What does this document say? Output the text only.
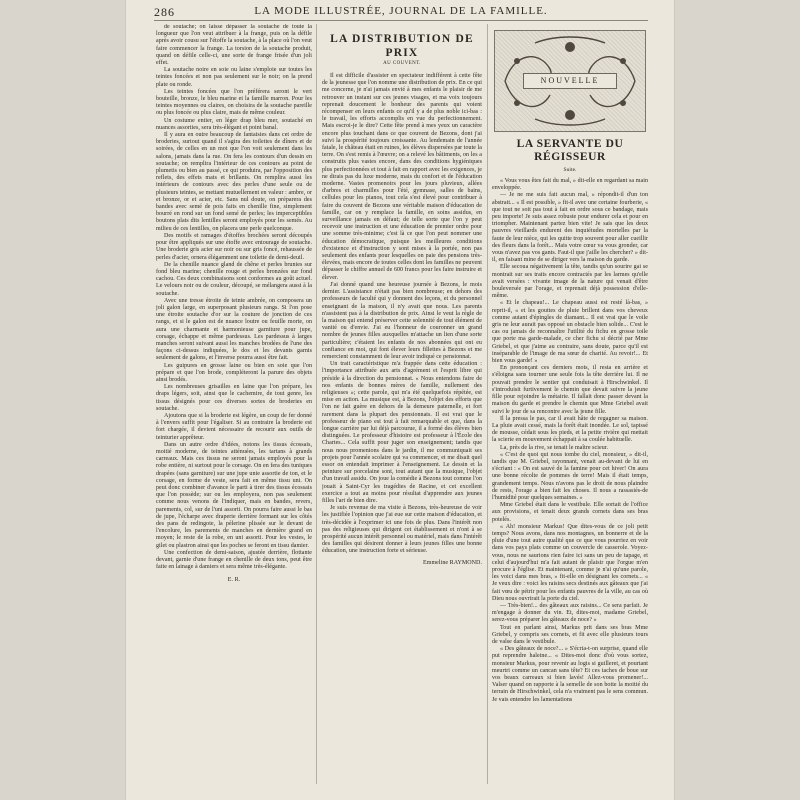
286	LA MODE ILLUSTRÉE, JOURNAL DE LA FAMILLE.

de soutache; on laisse dépasser la soutache de toute la longueur que l'on veut attribuer à la frange, puis on la défile après avoir cousu sur l'étoffe la soutache, à la place où l'on veut faire commencer la frange. La torsion de la soutache produit, quand on défile celle-ci, une sorte de frange frisée d'un joli effet.

La soutache noire en soie ou laine s'emploie sur toutes les teintes foncées et non pas seulement sur le noir; on la prend plate ou ronde.

Les teintes foncées que l'on préférera seront le vert bouteille, bronze, le bleu marine et la famille marron. Pour les teintes moyennes ou claires, on choisira de la soutache pareille ou plus foncée ou plus claire, mais de même couleur.

Un costume entier, en léger drap bleu mer, soutaché en nuances assorties, sera très-élégant et point banal.

Il y aura en outre beaucoup de fantaisies dans cet ordre de broderies, surtout quand il s'agira des toilettes de dîners et de soirées, de celles en un mot que l'on voit seulement dans les salons, jamais dans la rue. On fera les contours d'un dessin en soutache; on remplira l'intérieur de ces contours au point de plumetis ou bien au passé, ce qui produira, par l'opposition des reflets, des effets mats et brillants. On remplira aussi les intérieurs de contours avec des perles d'une seule ou de plusieurs teintes, se mettant mutuellement en valeur : ambre, or et bronze, or et acier, etc. Sans nul doute, on préparera des bandes avec semé de pois faits en chenille fine, simplement bourré en rond sur un fond semé de perles; les imperceptibles boutons plats dits lentilles seront employés pour les semés. Au milieu de ces lentilles, on placera une perle quelconque.

Des motifs et ramages d'étoffes brochées seront découpés pour être appliqués sur une étoffe avec entourage de soutache. Une broderie gris acier sur noir ou sur gris foncé, rehaussée de perles d'acier, ornera élégamment une toilette de demi-deuil.

De la chenille nuance gland de chêne et perles brunies sur fond bleu marine; chenille rouge et perles bronzées sur fond cachou. Ces deux combinaisons sont conformes au goût actuel. Le velours noir ou de couleur, découpé, se mélangera aussi à la soutache.

Avec une tresse étroite de teinte ambrée, on composera un joli galon large, en superposant plusieurs rangs. Si l'on pose une étroite soutache d'or sur la couture de jonction de ces rangs, et si le galon est de nuance loutre ou feuille morte, on aura une charmante et harmonieuse garniture pour jupe, corsage, échappe et même pardessus. Les pardessus à larges manches seront suivant aussi les manches brodées de l'une des façons ci-dessus indiquées, le dos et les devants garnis seulement de galons, et l'inverse pourra aussi être fait.

Les guipures en grosse laine ou bien en soie que l'on prépare et que l'on brode, compléteront la parure des objets ainsi brodés.

Les nombreuses grisailles en laine que l'on prépare, les draps légers, soit, ainsi que le cachemire, de tout genre, les tissus désignés pour ces diverses sortes de broderies en soutache.

Ajoutons que si la broderie est légère, un coup de fer donné à l'envers suffit pour l'égaliser. Si au contraire la broderie est fort chargée, il devient nécessaire de recourir aux outils de teinturier apprêteur.

Dans un autre ordre d'idées, notons les tissus écossais, moitié moderne, de teintes atténuées, les tartans à grands carreaux. Mais ces tissus ne seront jamais employés pour la robe entière, ni surtout pour le corsage. On en fera des tuniques drapées (sans garniture) sur une jupe unie assortie de ton, et le corsage, en forme de veste, sera fait en même tissu uni. On peut donc combiner d'avance le parti à tirer des tissus écossais que l'on possède; sur ou les employera, non pas seulement comme nous venons de l'indiquer, mais en bandes, revers, parements, col, sur de l'uni assorti. On pourra faire aussi le bas de jupe, l'écharpe avec draperie derrière formant sur les côtés des pans de redingote, la pèlerine plissée sur le devant de l'encolure, les parements de manches en dernière grand en moyen; le reste de la robe, en uni assorti. Pour les vestes, le gilet ou plastron ainsi que les poches se feront en tissu damier.

Une confection de demi-saison, ajustée derrière, flottante devant, garnie d'une frange en chenille de deux tons, peut être faite en lainage à damiers et sera même très-élégante.

E. R.
LA DISTRIBUTION DE PRIX
AU COUVENT.

Il est difficile d'assister en spectateur indifférent à cette fête de la jeunesse que l'on nomme une distribution de prix. En ce qui me concerne, je n'ai jamais envié à mes enfants le plaisir de me retrouver un instant sur ces jeunes visages, et ma voix toujours reprenait doucement le bonheur des parents qui voient récompenser en leurs enfants ce qu'il y a de plus noble ici-bas : le travail, les efforts accomplis en vue du perfectionnement. Mais escroi-je le dire? Cette fête prend à mes yeux un caractère encore plus touchant dans ce que couvent de Bezons, dont j'ai suivi la prospérité toujours croissante. Au lendemain de l'année fatale, le château était en ruines, les élèves dispersées par toute la terre. On s'est remis à l'œuvre; on a relevé les bâtiments, on les a construits plus vastes encore, dans des conditions hygiéniques plus perfectionnées et tout à fait en rapport avec les exigences, je ne dirais pas du luxe moderne, mais du confort et de l'éducation moderne. Vastes promenoirs pour les jours pluvieux, allées d'arbres et charmilles pour l'été, gymnase, salles de bains, cellules pour les pianos, tout cela s'est élevé pour contribuer à faire du couvent de Bezons une véritable maison d'éducation de famille, car on y remplace la famille, en soins assidus, en surveillance jamais en défaut; de telle sorte que l'on y peut recevoir une instruction et une éducation de premier ordre pour une somme très-minime; c'est là ce que l'on peut nommer une éducation démocratique, puisque les meilleures conditions d'existence et d'instruction y sont mises à la portée, non pas seulement des enfants pour lesquelles on paie des pensions très-élevées, mais encore de toutes celles dont les familles ne peuvent dépasser le chiffre annuel de 600 francs pour les faire instruire et élever.

J'ai donné quand une heureuse journée à Bezons, le mois dernier. L'assistance n'était pas bien nombreuse; en dehors des professeurs de faculté qui y donnent des leçons, et du personnel enseignant de la maison, il n'y avait que nous. Les parents n'assistent pas à la distribution de prix. Ainsi le veut la règle de la maison qui entend préserver cette solennité de tout élément de vanité ou d'envie. J'ai eu l'honneur de couronner un grand nombre de jeunes filles auxquelles m'attache un lien d'une sorte particulière; c'étaient les enfants de nos abonnées qui ont eu confiance en moi, qui font élever leurs fillettes à Bezons et me remercient constamment de leur avoir indiqué ce pensionnat.

Un trait caractéristique m'a frappée dans cette éducation : l'importance attribuée aux arts d'agrément et l'esprit libre qui préside à la direction du pensionnat. « Nous entendons faire de nos enfants de bonnes mères de famille, nullement des religieuses »; cette parole, qui m'a été quelquefois répétée, est mise en action. La musique est, à Bezons, l'objet des efforts que l'on ne fait guère en dehors de la demeure paternelle, et fort rarement dans la plupart des pensionnats. Il est vrai que le professeur de piano est tout à fait remarquable et que, dans la longue carrière par lui déjà parcourue, il a formé des élèves bien distinguées. Le professeur d'histoire est professeur à l'École des Chartes... Cela suffit pour juger son enseignement; tandis que nous nous promenions dans le jardin, il me communiquait ses projets pour l'année scolaire qui va commencer, et me disait quel essor on entendait imprimer à l'enseignement. Le dessin et la peinture sur porcelaine sont, tout autant que la musique, l'objet d'un travail assidu. On joue la comédie à Bezons tout comme l'on jouait à Saint-Cyr les tragédies de Racine, et cet excellent exercice a tout au moins pour résultat d'apprendre aux jeunes filles l'art de bien dire.

Je suis revenue de ma visite à Bezons, très-heureuse de voir les justifiée l'opinion que j'ai eue sur cette maison d'éducation, et très-décidée à l'exprimer ici une fois de plus. Dans l'intérêt non pas des religieuses qui dirigent cet établissement et n'ont à se prospérité aucun intérêt personnel ou matériel, mais dans l'intérêt des familles qui désirent donner à leurs jeunes filles une bonne éducation, une instruction forte et sérieuse.

Emmeline RAYMOND.
NOUVELLE
LA SERVANTE DU RÉGISSEUR
Suite.

« Vous vous êtes fait du mal, » dit-elle en regardant sa main enveloppée.

— Je ne me suis fait aucun mal, » répondit-il d'un ton abstrait... « Il est possible, » fit-il avec une certaine fourberie, « que tout ne soit pas tout à fait en ordre sous ce bandage, mais peu importe! Je suis assez robuste pour endurer cela et pour en triompher. Maintenant partez bien vite! Je sais que les deux pauvres vieillards endurent des inquiétudes mortelles par la faute de leur nièce, qui les quitte trop souvent pour aller cueillir des fleurs dans la forêt... Mais votre cœur va vous gronder, car vous n'avez pas vos gants. Faut-il que j'aille les chercher? » dit-il, en faisant mine de se diriger vers la maison du garde.

Elle secoua négativement la tête, tandis qu'un sourire gai se montrait sur ses traits encore contractés par les larmes qu'elle avait versées : vivante image de la nature qui venait d'être bouleversée par l'orage, et reprenait déjà possession d'elle-même.

« Et le chapeau!... Le chapeau aussi est resté là-bas, » reprit-il, « et les gouttes de pluie brillent dans vos cheveux comme autant d'épingles de diamant... Il est vrai que le voile gris ne leur aurait pas opposé un obstacle bien solide... C'est le cas ou jamais de reconnaître l'utilité du fichu en grosse toile que porte ma garde-malade, ce cher fichu si décrié par Mme Griebel, et que j'aime au contraire, sans doute, parce qu'il est inséparable de l'image de ma sœur de charité. Au revoir!... Et bien vous garde! »

En prononçant ces derniers mots, il resta en arrière et s'éloigna sans tourner une seule fois la tête derrière lui. Il ne pouvait prendre le sentier qui conduisait à Hirschwinkel. Il s'introduisit furtivement le chemin que devait suivre la jeune fille pour rejoindre la métairie. Il fallait donc passer devant la maison du garde et prendre le chemin que Mme Griebel avait suivi le jour de sa rencontre avec la jeune fille.

Il la pressa le pas, car il avait hâte de regagner sa maison. La pluie avait cessé, mais la forêt était inondée. Le sol, tapissé de mousse, cédait sous les pieds, et la petite rivière qui mettait la scierie en mouvement échappait à sa coulée habituelle.

La, près de la rive, se tenait le maître scieur.

« C'est de quoi qui nous tombe du ciel, monsieur, » dit-il, tandis que M. Griebel, rayonnant, venait au-devant de lui en s'écriant : « On est sauvé de la famine pour cet hiver! On aura une bonne récolte de pommes de terre! Mais il était temps, grandement temps. Nous n'avons pas le droit de nous plaindre de rests, l'orage a bien fait les choses. Il nous a rassasiés-de l'humidité pour quelques semaines. »

Mme Griebel était dans le vestibule. Elle sortait de l'office aux provisions, et tenait deux grands cornets dans ses bras potelés.

« Ah! monsieur Markus! Que dites-vous de ce joli petit temps? Nous avons, dans nos montagnes, un bonnerre et de la pluie d'une tout autre qualité que ce que vous pourriez en voir dans vos pays plats comme un couvercle de casserole. Voyez-vous, nous ne saurions rien faire ici sans un peu de tapage, et celui d'aujourd'hui m'a fait autant de plaisir que l'orgue m'en procure à l'église. Et maintenant, comme je n'ai qu'une parole, les voici dans mes bras, » fit-elle en désignant les cornets... « Je veux dire : voici les raisins secs destinés aux gâteaux que j'ai fait vœu de pétrir pour les enfants pauvres de la ville, au cas où Dieu nous ouvrirait la porte du ciel.

— Très-bien!... des gâteaux aux raisins... Ce sera parfait. Je m'engage à donner du vin. Et, dites-moi, madame Griebel, serez-vous préparer les gâteaux de noce? »

Tout en parlant ainsi, Markus prit dans ses bras Mme Griebel, y compris ses cornets, et fit avec elle plusieurs tours de valse dans le vestibule.

« Des gâteaux de noce?... » S'écria-t-on surprise, quand elle put reprendre haleine... « Dites-moi donc d'où vous sortez, monsieur Markus, pour revenir au logis si guilleret, et pourtant meurtri comme un cancan sans tête? Et ces taches de boue sur vos beaux carreaux si bien lavés! Allez-vous promener!... Valser quand on rapporte à la semelle de son botte la moitié du terrain de Hirschwinkel, cela n'a vraiment pas le sens commun. Je vais entendre les lamentations
